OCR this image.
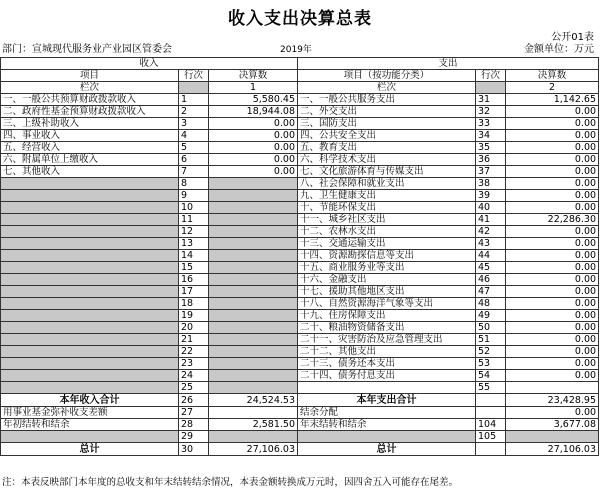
收入支出决算总表
公开01表
部门：宣城现代服务业产业园区管委会	2019年	金额单位：万元
收入			支出		
项目	行次	决算数	项目（按功能分类）	行次	决算数
栏次		1	栏次		2
一、一般公共预算财政拨款收入	1	5,580.45	一、一般公共服务支出	31	1,142.65
二、政府性基金预算财政拨款收入	2	18,944.08	二、外交支出	32	0.00
三、上级补助收入	3	0.00	三、国防支出	33	0.00
四、事业收入	4	0.00	四、公共安全支出	34	0.00
五、经营收入	5	0.00	五、教育支出	35	0.00
六、附属单位上缴收入	6	0.00	六、科学技术支出	36	0.00
七、其他收入	7	0.00	七、文化旅游体育与传媒支出	37	0.00
	8		八、社会保障和就业支出	38	0.00
	9		九、卫生健康支出	39	0.00
	10		十、节能环保支出	40	0.00
	11		十一、城乡社区支出	41	22,286.30
	12		十二、农林水支出	42	0.00
	13		十三、交通运输支出	43	0.00
	14		十四、资源勘探信息等支出	44	0.00
	15		十五、商业服务业等支出	45	0.00
	16		十六、金融支出	46	0.00
	17		十七、援助其他地区支出	47	0.00
	18		十八、自然资源海洋气象等支出	48	0.00
	19		十九、住房保障支出	49	0.00
	20		二十、粮油物资储备支出	50	0.00
	21		二十一、灾害防治及应急管理支出	51	0.00
	22		二十二、其他支出	52	0.00
	23		二十三、债务还本支出	53	0.00
	24		二十四、债务付息支出	54	0.00
	25			55	
本年收入合计	26	24,524.53	本年支出合计		23,428.95
用事业基金弥补收支差额	27		结余分配		0.00
年初结转和结余	28	2,581.50	年末结转和结余	104	3,677.08
	29			105	
总计	30	27,106.03	总计		27,106.03
注：本表反映部门本年度的总收支和年末结转结余情况，本表金额转换成万元时，因四舍五入可能存在尾差。
